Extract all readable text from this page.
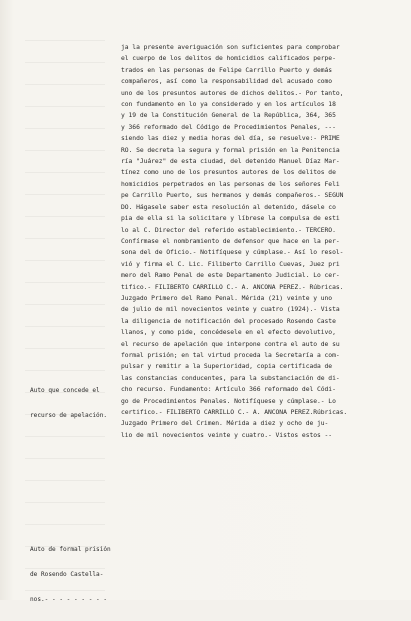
ja la presente averiguación son suficientes para comprobar
el cuerpo de los delitos de homicidios calificados perpe-
trados en las personas de Felipe Carrillo Puerto y demás
compañeros, así como la responsabilidad del acusado como
uno de los presuntos autores de dichos delitos.- Por tanto,
con fundamento en lo ya considerado y en los artículos 18
y 19 de la Constitución General de la República, 364, 365
y 366 reformado del Código de Procedimientos Penales, ---
siendo las diez y media horas del día, se resuelve:- PRIME
RO. Se decreta la segura y formal prisión en la Penitencia
ría "Juárez" de esta ciudad, del detenido Manuel Díaz Mar-
tínez como uno de los presuntos autores de los delitos de
homicidios perpetrados en las personas de los señores Feli
pe Carrillo Puerto, sus hermanos y demás compañeros.- SEGUN
DO. Hágasele saber esta resolución al detenido, dásele co
pia de ella si la solicitare y líbrese la compulsa de esti
lo al C. Director del referido establecimiento.- TERCERO.
Confírmase el nombramiento de defensor que hace en la per-
sona del de Oficio.- Notifíquese y cúmplase.- Así lo resol-
vió y firma el C. Lic. Filiberto Carrillo Cuevas, Juez pri
mero del Ramo Penal de este Departamento Judicial. Lo cer-
tifico.- FILIBERTO CARRILLO C.- A. ANCONA PEREZ.- Rúbricas.
Juzgado Primero del Ramo Penal. Mérida (21) veinte y uno
de julio de mil novecientos veinte y cuatro (1924).- Vista
la diligencia de notificación del procesado Rosendo Caste
llanos, y como pide, concédesele en el efecto devolutivo,
el recurso de apelación que interpone contra el auto de su
formal prisión; en tal virtud proceda la Secretaría a com-
pulsar y remitir a la Superioridad, copia certificada de
las constancias conducentes, para la substanciación de di-
cho recurso. Fundamento: Artículo 366 reformado del Códi-
go de Procedimientos Penales. Notifíquese y cúmplase.- Lo
certifico.- FILIBERTO CARRILLO C.- A. ANCONA PEREZ.Rúbricas.
Juzgado Primero del Crimen. Mérida a diez y ocho de ju-
lio de mil novecientos veinte y cuatro.- Vistos estos --

Auto que concede el

recurso de apelación.

Auto de formal prisión

de Rosendo Castella-

nos.- - - - - - - - -
